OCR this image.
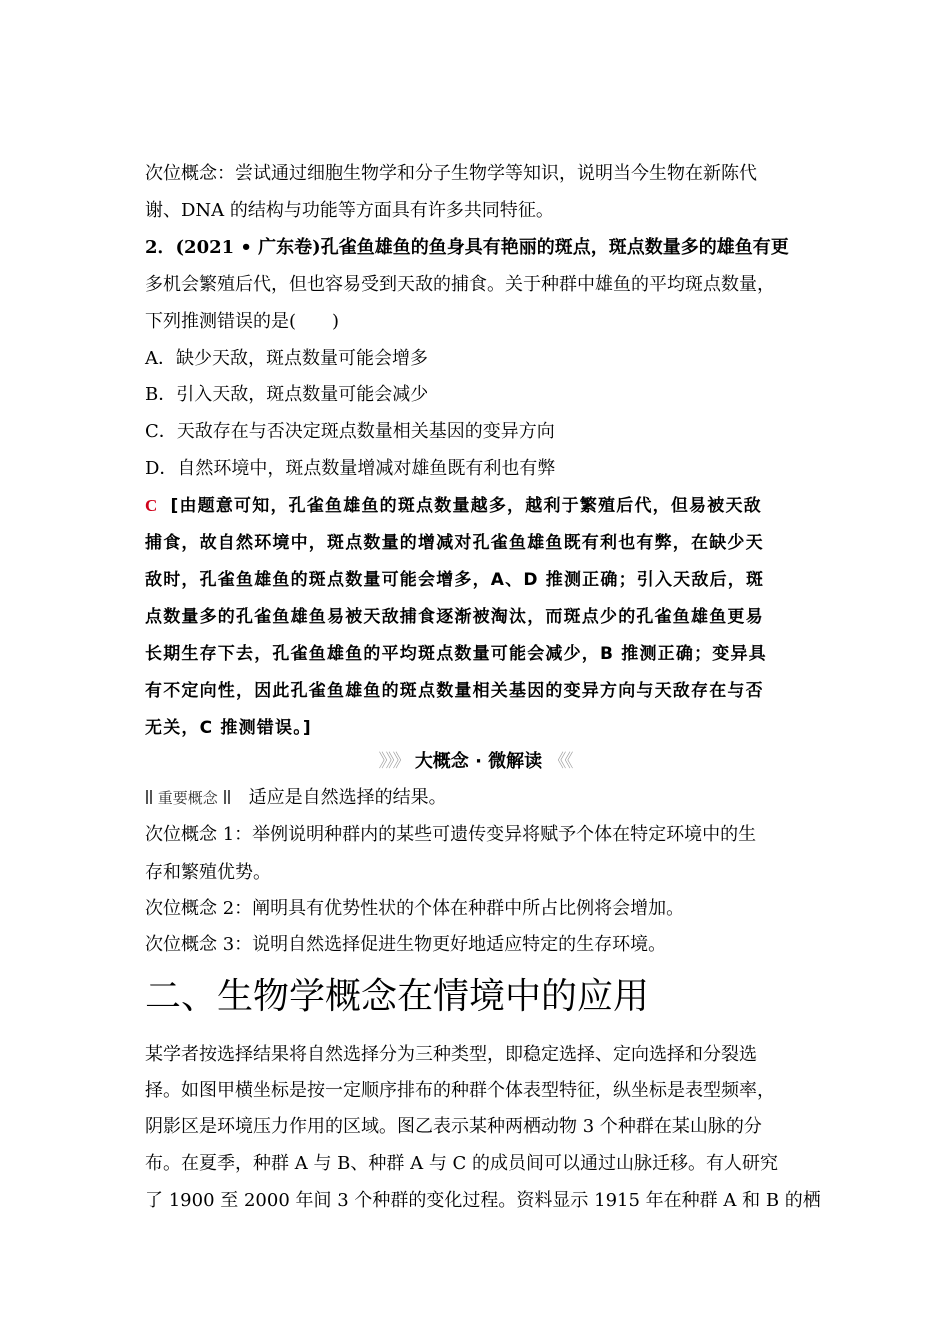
次位概念：尝试通过细胞生物学和分子生物学等知识，说明当今生物在新陈代
谢、DNA 的结构与功能等方面具有许多共同特征。
2．(2021 • 广东卷)孔雀鱼雄鱼的鱼身具有艳丽的斑点，斑点数量多的雄鱼有更
多机会繁殖后代，但也容易受到天敌的捕食。关于种群中雄鱼的平均斑点数量，
下列推测错误的是(　　)
A．缺少天敌，斑点数量可能会增多
B．引入天敌，斑点数量可能会减少
C．天敌存在与否决定斑点数量相关基因的变异方向
D．自然环境中，斑点数量增减对雄鱼既有利也有弊
C [由题意可知，孔雀鱼雄鱼的斑点数量越多，越利于繁殖后代，但易被天敌
捕食，故自然环境中，斑点数量的增减对孔雀鱼雄鱼既有利也有弊，在缺少天
敌时，孔雀鱼雄鱼的斑点数量可能会增多，A、D 推测正确；引入天敌后，斑
点数量多的孔雀鱼雄鱼易被天敌捕食逐渐被淘汰，而斑点少的孔雀鱼雄鱼更易
长期生存下去，孔雀鱼雄鱼的平均斑点数量可能会减少，B 推测正确；变异具
有不定向性，因此孔雀鱼雄鱼的斑点数量相关基因的变异方向与天敌存在与否
无关，C 推测错误。]
》》》 大概念 · 微解读 《《
重要概念 适应是自然选择的结果。
次位概念 1：举例说明种群内的某些可遗传变异将赋予个体在特定环境中的生
存和繁殖优势。
次位概念 2：阐明具有优势性状的个体在种群中所占比例将会增加。
次位概念 3：说明自然选择促进生物更好地适应特定的生存环境。
二、生物学概念在情境中的应用
某学者按选择结果将自然选择分为三种类型，即稳定选择、定向选择和分裂选
择。如图甲横坐标是按一定顺序排布的种群个体表型特征，纵坐标是表型频率，
阴影区是环境压力作用的区域。图乙表示某种两栖动物 3 个种群在某山脉的分
布。在夏季，种群 A 与 B、种群 A 与 C 的成员间可以通过山脉迁移。有人研究
了 1900 至 2000 年间 3 个种群的变化过程。资料显示 1915 年在种群 A 和 B 的栖
